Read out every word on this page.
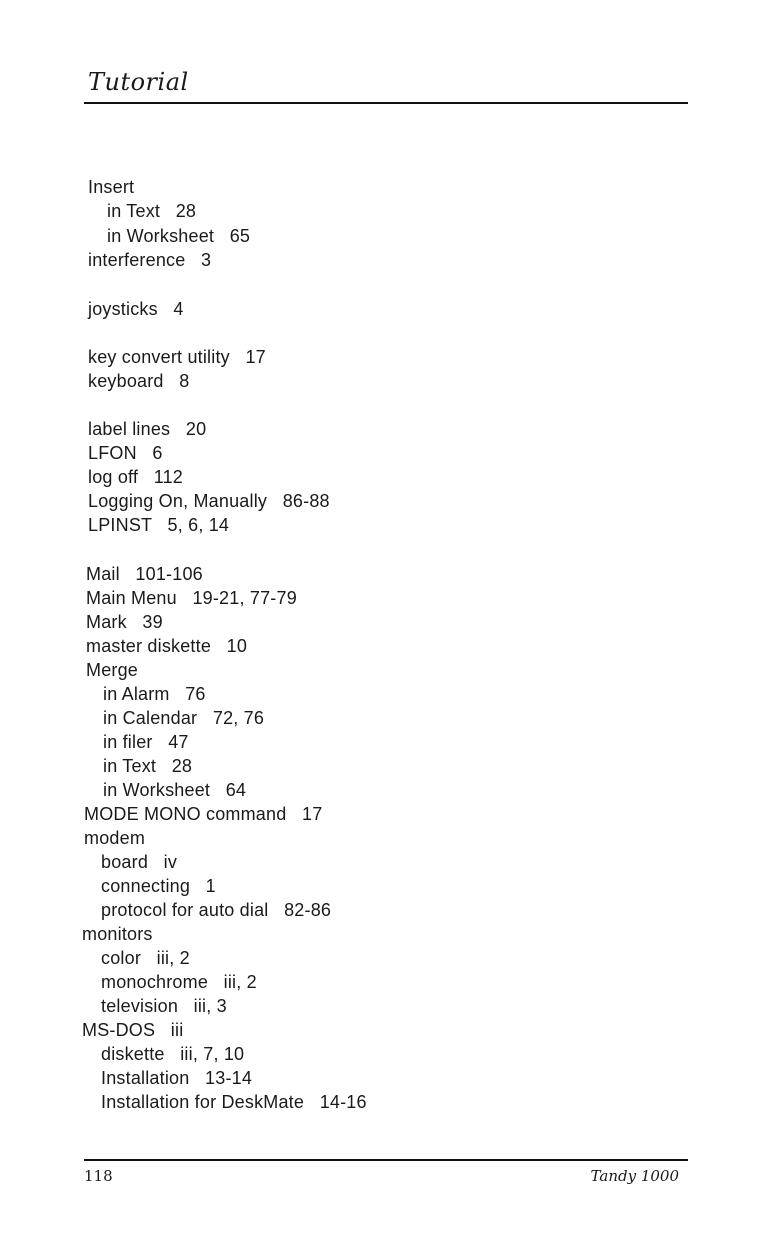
Tutorial
Insert
in Text   28
in Worksheet   65
interference   3
joysticks   4
key convert utility   17
keyboard   8
label lines   20
LFON   6
log off   112
Logging On, Manually   86-88
LPINST   5, 6, 14
Mail   101-106
Main Menu   19-21, 77-79
Mark   39
master diskette   10
Merge
in Alarm   76
in Calendar   72, 76
in filer   47
in Text   28
in Worksheet   64
MODE MONO command   17
modem
board   iv
connecting   1
protocol for auto dial   82-86
monitors
color   iii, 2
monochrome   iii, 2
television   iii, 3
MS-DOS   iii
diskette   iii, 7, 10
Installation   13-14
Installation for DeskMate   14-16
118	Tandy 1000
